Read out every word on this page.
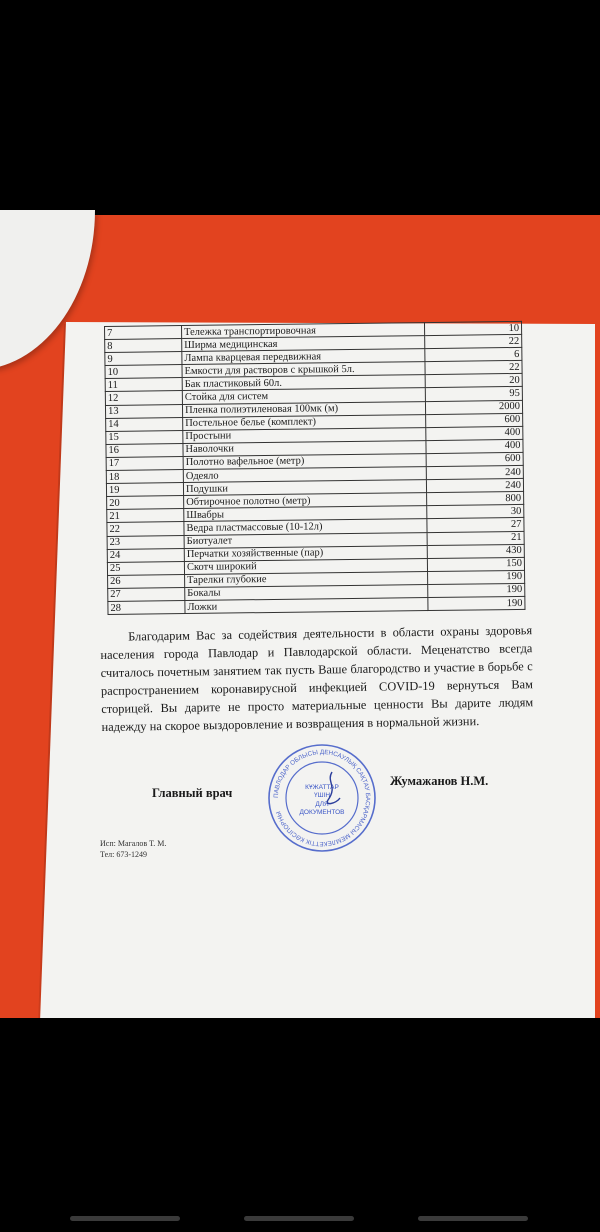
7	Тележка транспортировочная	10
8	Ширма медицинская	22
9	Лампа кварцевая передвижная	6
10	Емкости для растворов с крышкой 5л.	22
11	Бак пластиковый 60л.	20
12	Стойка для систем	95
13	Пленка полиэтиленовая 100мк (м)	2000
14	Постельное белье (комплект)	600
15	Простыни	400
16	Наволочки	400
17	Полотно вафельное (метр)	600
18	Одеяло	240
19	Подушки	240
20	Обтирочное полотно (метр)	800
21	Швабры	30
22	Ведра пластмассовые (10-12л)	27
23	Биотуалет	21
24	Перчатки хозяйственные (пар)	430
25	Скотч широкий	150
26	Тарелки глубокие	190
27	Бокалы	190
28	Ложки	190
Благодарим Вас за содействия деятельности в области охраны здоровья населения города Павлодар и Павлодарской области. Меценатство всегда считалось почетным занятием так пусть Ваше благородство и участие в борьбе с распространением коронавирусной инфекцией COVID-19 вернуться Вам сторицей. Вы дарите не просто материальные ценности Вы дарите людям надежду на скорое выздоровление и возвращения в нормальной жизни.
Главный врач	ПАВЛОДАР ОБЛЫСЫ ДЕНСАУЛЫҚ САҚТАУ БАСҚАРМАСЫ МЕМЛЕКЕТТІК КӘСІПОРНЫ
КҰЖАТТАР
ҮШІН
ДЛЯ
ДОКУМЕНТОВ
Жумажанов Н.М.
Исп: Магалов Т. М.
Тел: 673-1249
